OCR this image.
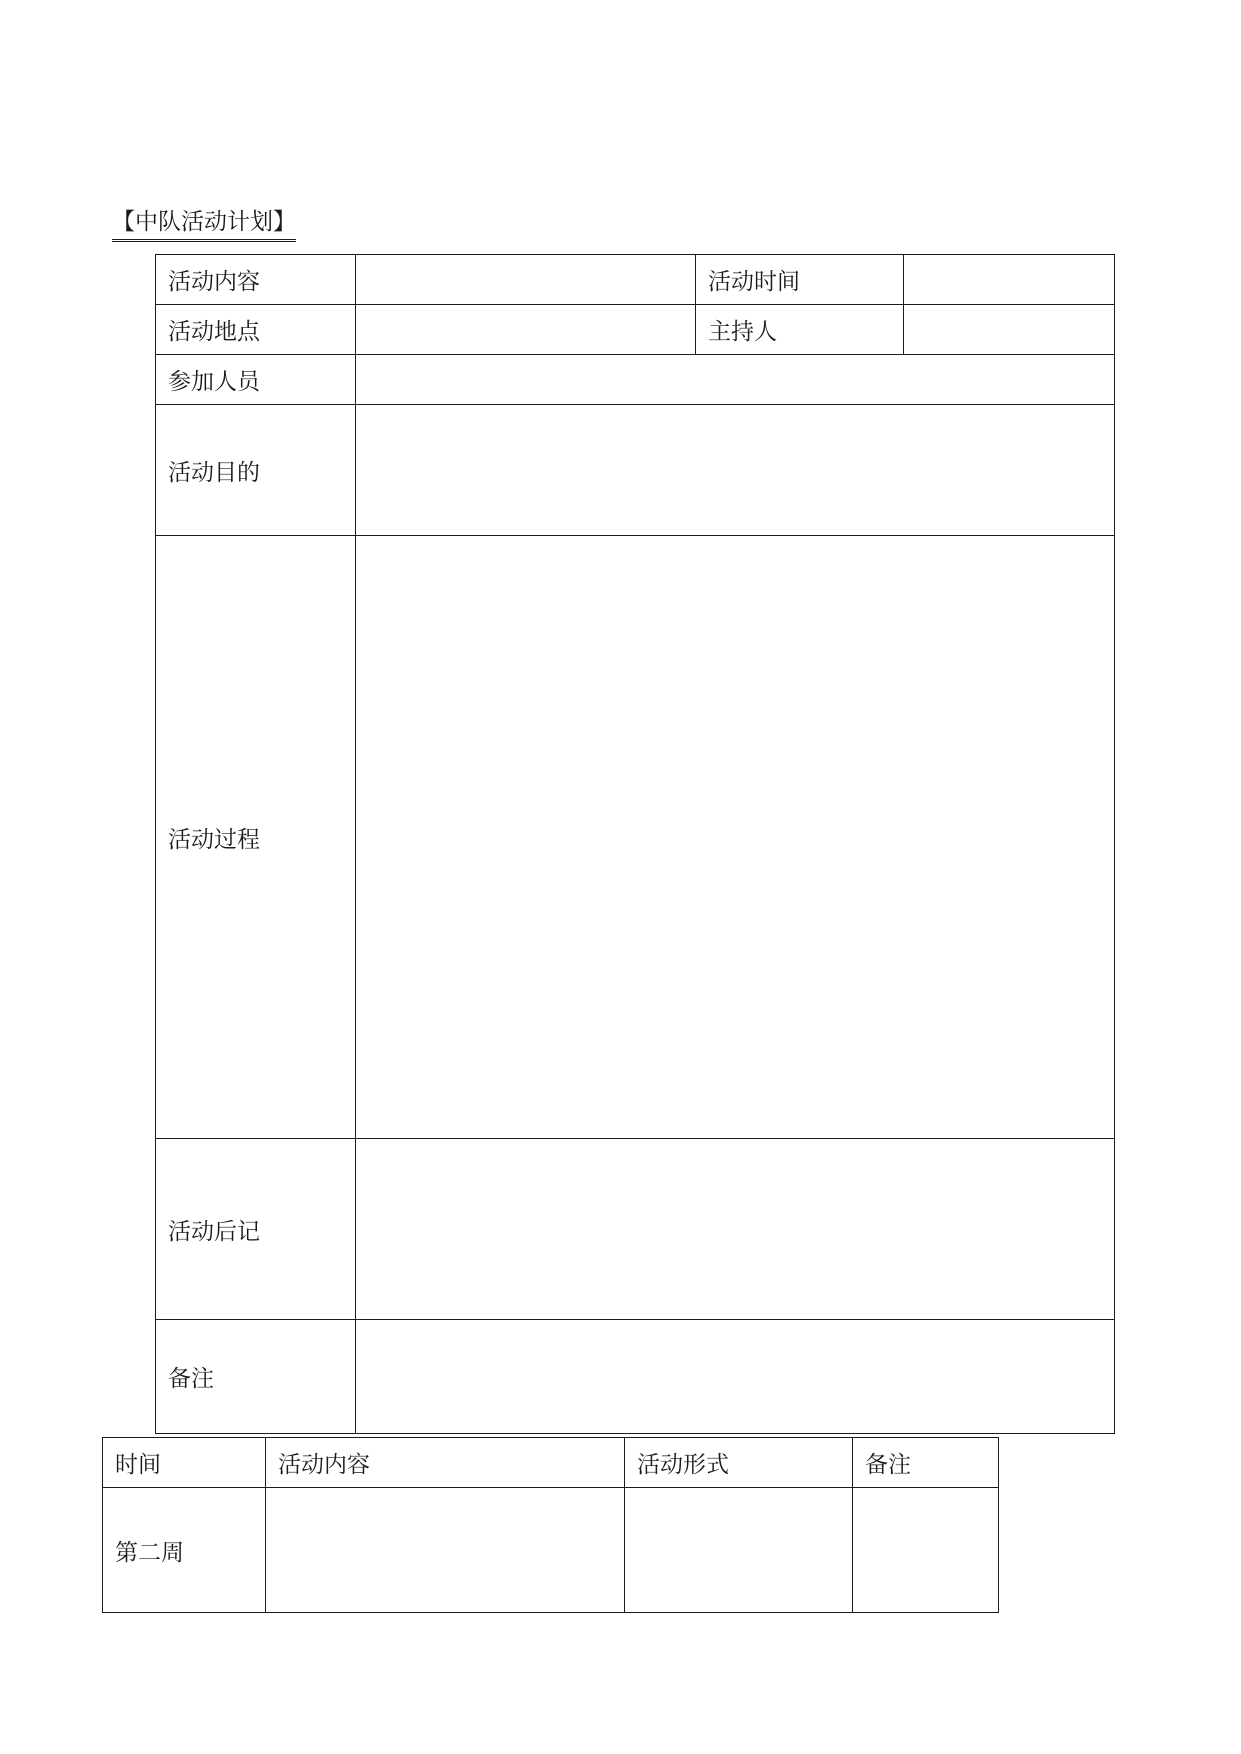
【中队活动计划】
活动内容		活动时间	
活动地点		主持人	
参加人员			
活动目的			
活动过程			
活动后记			
备注			
时间	活动内容	活动形式	备注
第二周			
